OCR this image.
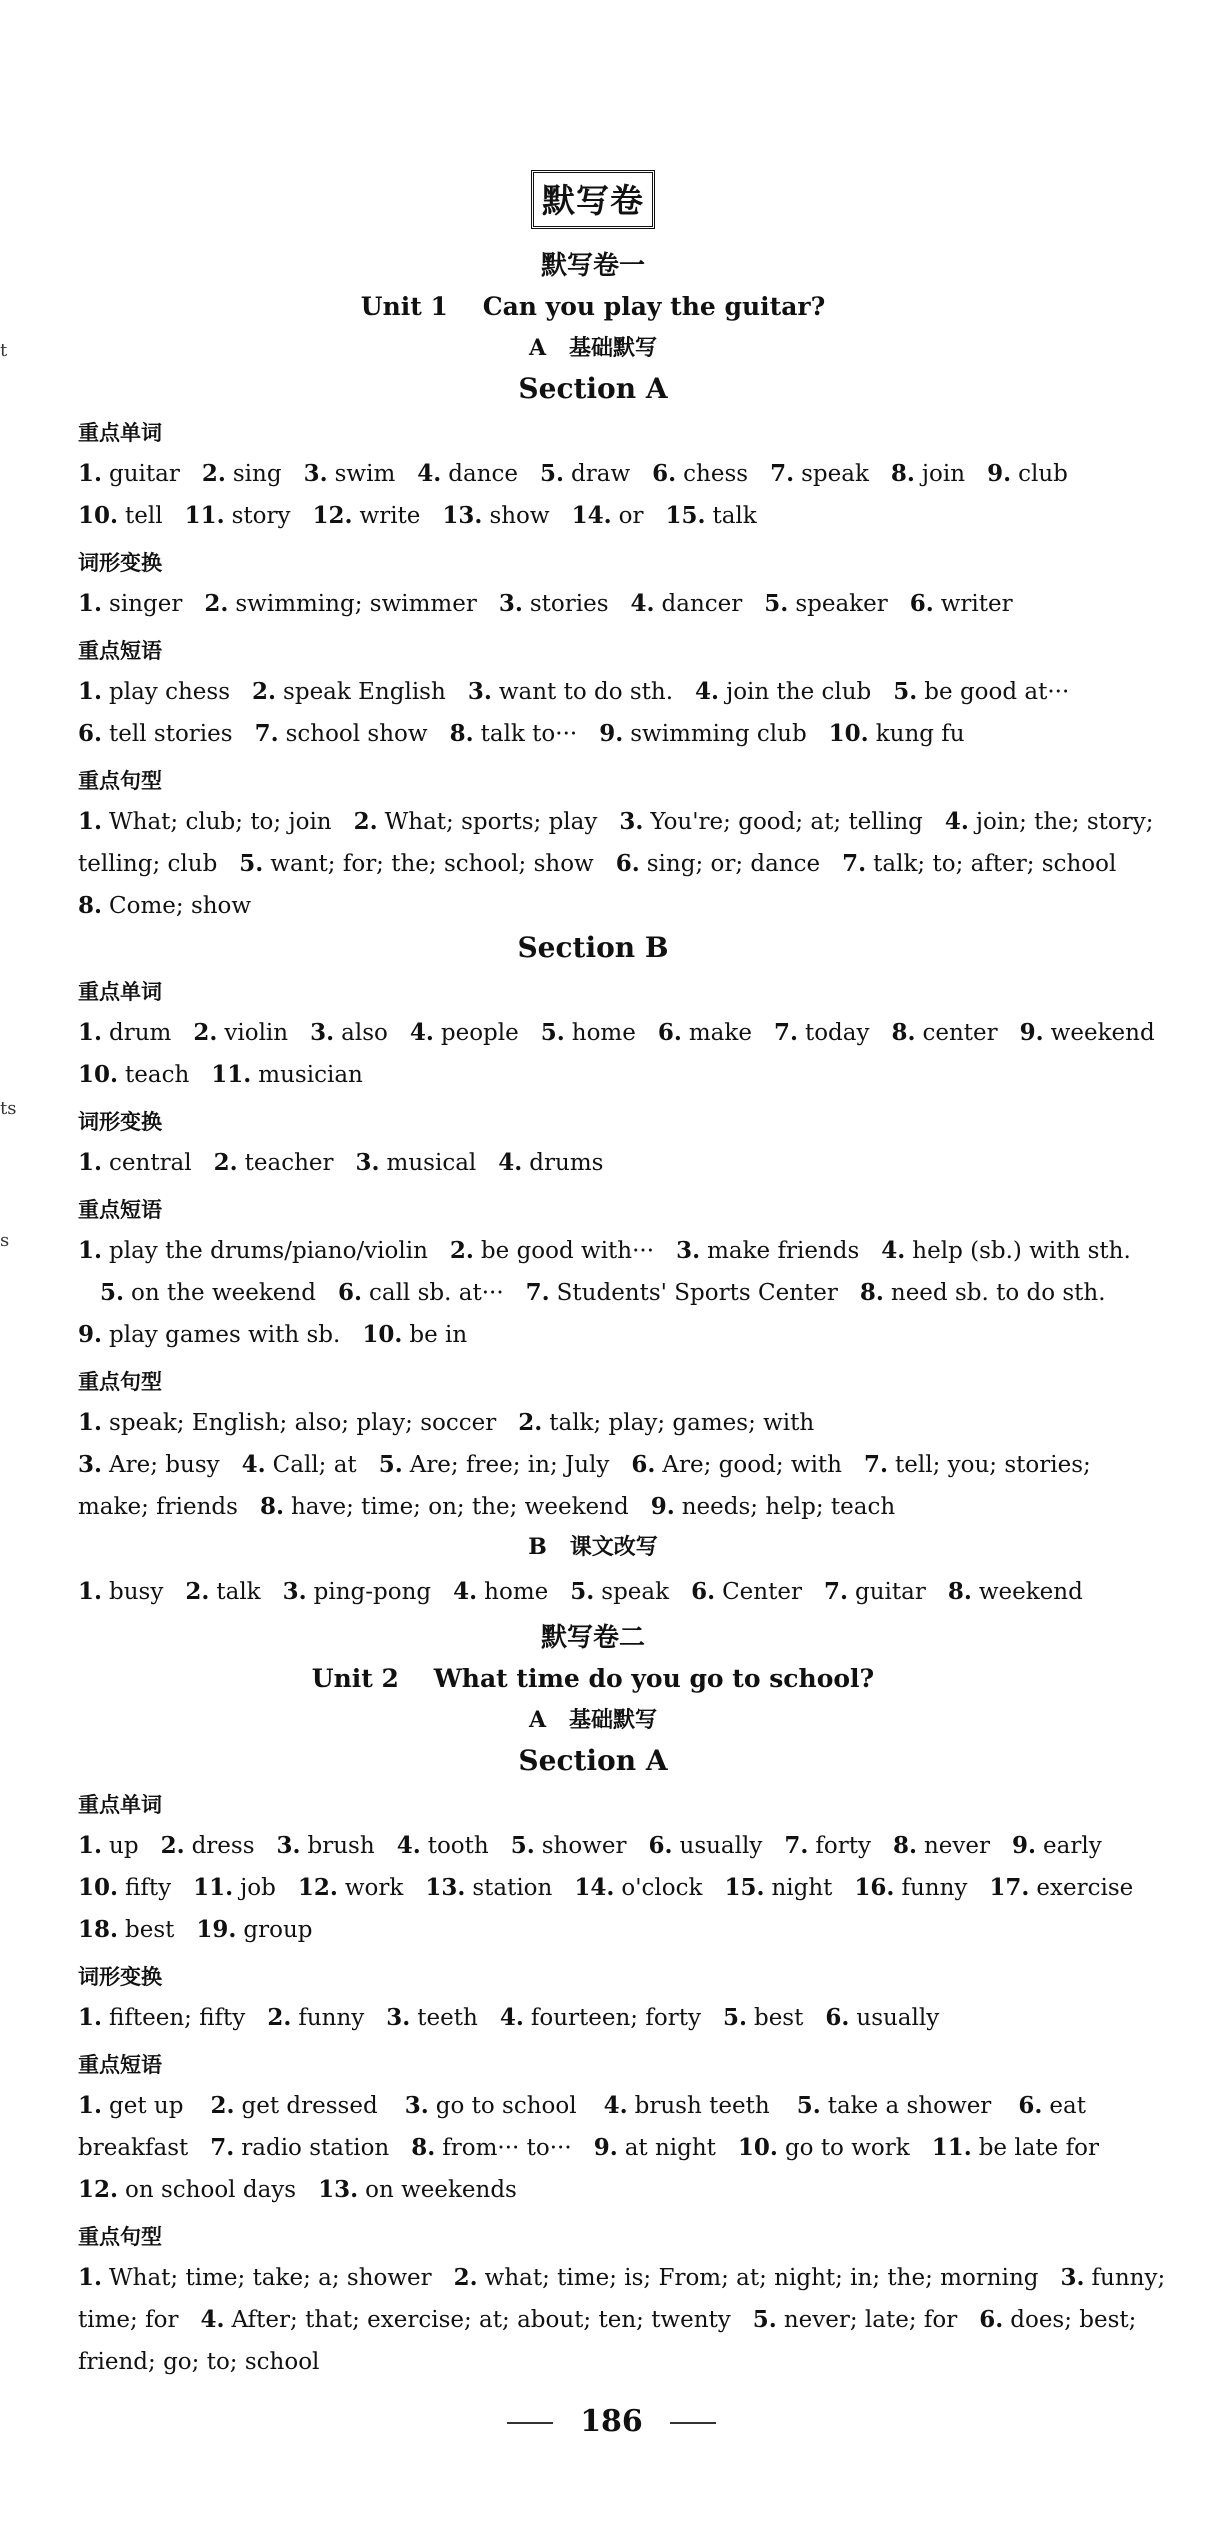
t
ts
s
默写卷
默写卷一
Unit 1    Can you play the guitar?
A   基础默写
Section A
重点单词
1. guitar 2. sing 3. swim 4. dance 5. draw 6. chess 7. speak 8. join 9. club
10. tell 11. story 12. write 13. show 14. or 15. talk
词形变换
1. singer 2. swimming; swimmer 3. stories 4. dancer 5. speaker 6. writer
重点短语
1. play chess 2. speak English 3. want to do sth. 4. join the club 5. be good at···
6. tell stories 7. school show 8. talk to··· 9. swimming club 10. kung fu
重点句型
1. What; club; to; join 2. What; sports; play 3. You're; good; at; telling 4. join; the; story;
telling; club 5. want; for; the; school; show 6. sing; or; dance 7. talk; to; after; school
8. Come; show
Section B
重点单词
1. drum 2. violin 3. also 4. people 5. home 6. make 7. today 8. center 9. weekend
10. teach 11. musician
词形变换
1. central 2. teacher 3. musical 4. drums
重点短语
1. play the drums/piano/violin 2. be good with··· 3. make friends 4. help (sb.) with sth.
5. on the weekend 6. call sb. at··· 7. Students' Sports Center 8. need sb. to do sth.
9. play games with sb. 10. be in
重点句型
1. speak; English; also; play; soccer 2. talk; play; games; with
3. Are; busy 4. Call; at 5. Are; free; in; July 6. Are; good; with 7. tell; you; stories;
make; friends 8. have; time; on; the; weekend 9. needs; help; teach
B   课文改写
1. busy 2. talk 3. ping-pong 4. home 5. speak 6. Center 7. guitar 8. weekend
默写卷二
Unit 2    What time do you go to school?
A   基础默写
Section A
重点单词
1. up 2. dress 3. brush 4. tooth 5. shower 6. usually 7. forty 8. never 9. early
10. fifty 11. job 12. work 13. station 14. o'clock 15. night 16. funny 17. exercise
18. best 19. group
词形变换
1. fifteen; fifty 2. funny 3. teeth 4. fourteen; forty 5. best 6. usually
重点短语
1. get up 2. get dressed 3. go to school 4. brush teeth 5. take a shower 6. eat
breakfast 7. radio station 8. from··· to··· 9. at night 10. go to work 11. be late for
12. on school days 13. on weekends
重点句型
1. What; time; take; a; shower 2. what; time; is; From; at; night; in; the; morning 3. funny;
time; for 4. After; that; exercise; at; about; ten; twenty 5. never; late; for 6. does; best;
friend; go; to; school
186
